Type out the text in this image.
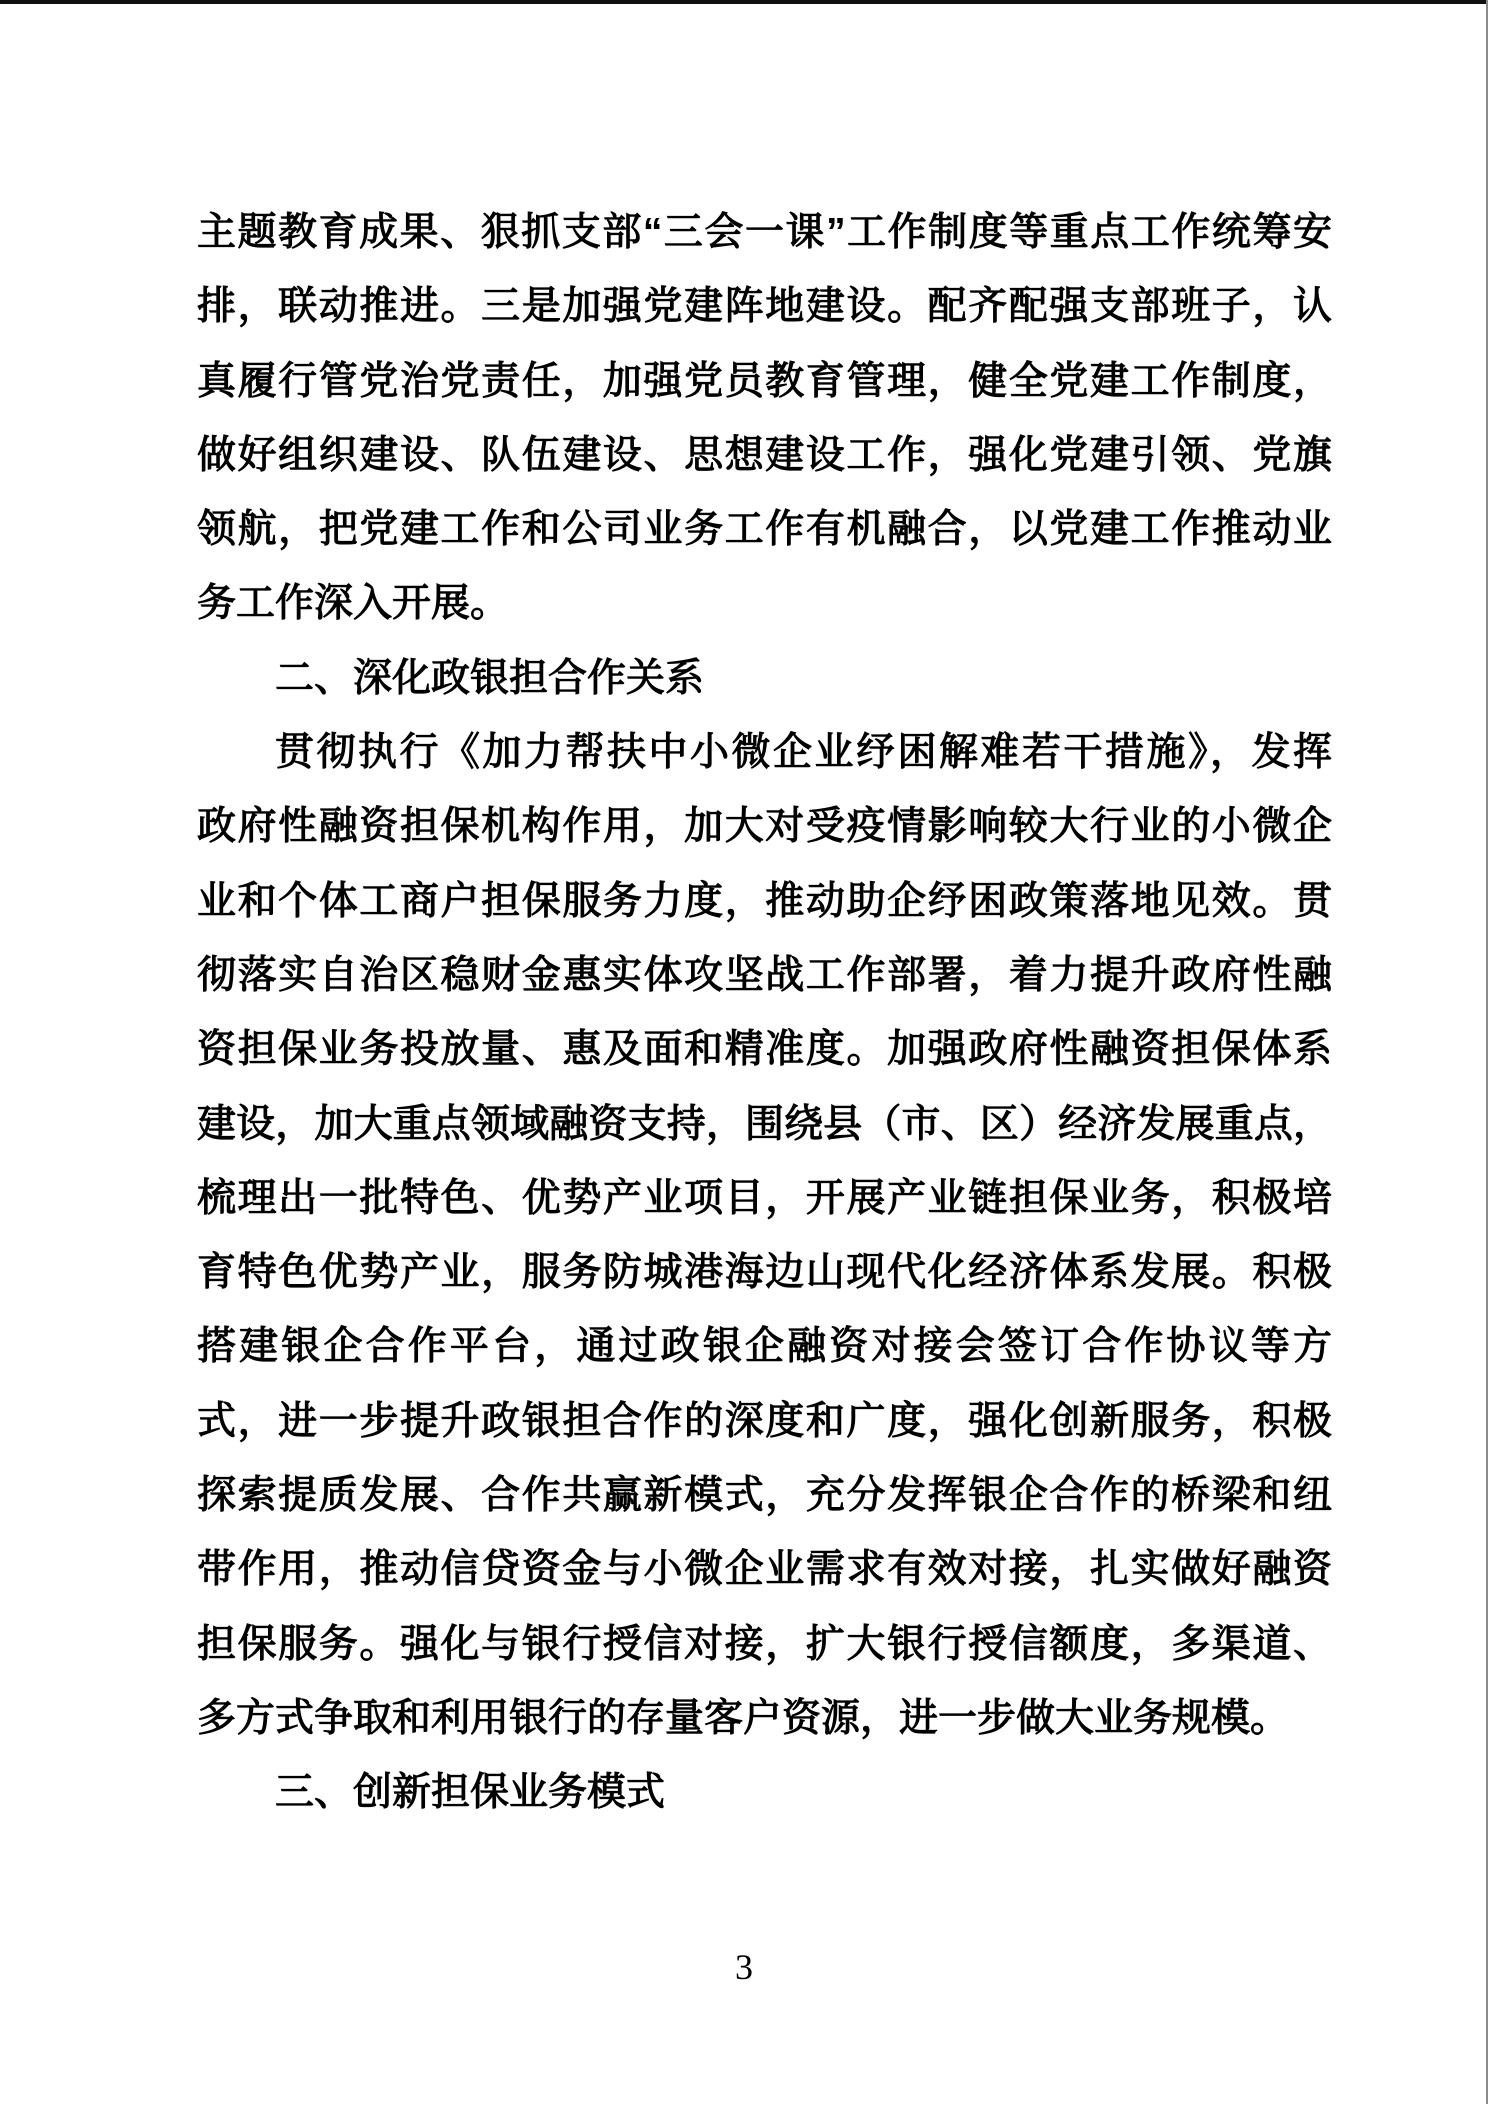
主题教育成果、狠抓支部“三会一课”工作制度等重点工作统筹安
排，联动推进。三是加强党建阵地建设。配齐配强支部班子，认
真履行管党治党责任，加强党员教育管理，健全党建工作制度，
做好组织建设、队伍建设、思想建设工作，强化党建引领、党旗
领航，把党建工作和公司业务工作有机融合，以党建工作推动业
务工作深入开展。
二、深化政银担合作关系
贯彻执行《加力帮扶中小微企业纾困解难若干措施》，发挥
政府性融资担保机构作用，加大对受疫情影响较大行业的小微企
业和个体工商户担保服务力度，推动助企纾困政策落地见效。贯
彻落实自治区稳财金惠实体攻坚战工作部署，着力提升政府性融
资担保业务投放量、惠及面和精准度。加强政府性融资担保体系
建设，加大重点领域融资支持，围绕县（市、区）经济发展重点，
梳理出一批特色、优势产业项目，开展产业链担保业务，积极培
育特色优势产业，服务防城港海边山现代化经济体系发展。积极
搭建银企合作平台，通过政银企融资对接会签订合作协议等方
式，进一步提升政银担合作的深度和广度，强化创新服务，积极
探索提质发展、合作共赢新模式，充分发挥银企合作的桥梁和纽
带作用，推动信贷资金与小微企业需求有效对接，扎实做好融资
担保服务。强化与银行授信对接，扩大银行授信额度，多渠道、
多方式争取和利用银行的存量客户资源，进一步做大业务规模。
三、创新担保业务模式
3
